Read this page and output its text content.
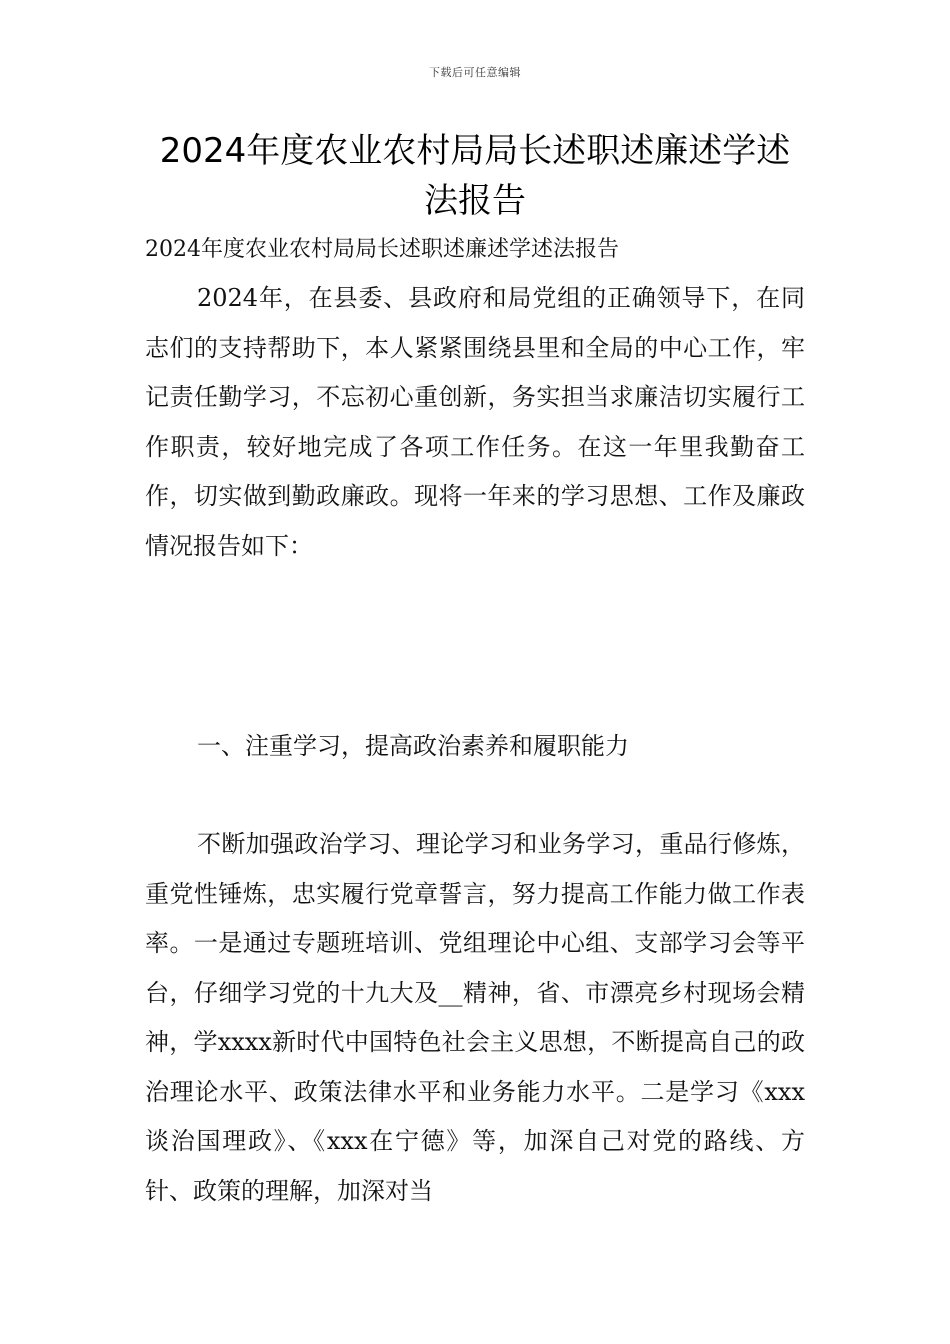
下载后可任意编辑
2024年度农业农村局局长述职述廉述学述法报告
2024年度农业农村局局长述职述廉述学述法报告

2024年，在县委、县政府和局党组的正确领导下，在同志们的支持帮助下，本人紧紧围绕县里和全局的中心工作，牢记责任勤学习，不忘初心重创新，务实担当求廉洁切实履行工作职责，较好地完成了各项工作任务。在这一年里我勤奋工作，切实做到勤政廉政。现将一年来的学习思想、工作及廉政情况报告如下：

一、注重学习，提高政治素养和履职能力

不断加强政治学习、理论学习和业务学习，重品行修炼，重党性锤炼，忠实履行党章誓言，努力提高工作能力做工作表率。一是通过专题班培训、党组理论中心组、支部学习会等平台，仔细学习党的十九大及__精神，省、市漂亮乡村现场会精神，学xxxx新时代中国特色社会主义思想，不断提高自己的政治理论水平、政策法律水平和业务能力水平。二是学习《xxx谈治国理政》、《xxx在宁德》等，加深自己对党的路线、方针、政策的理解，加深对当
